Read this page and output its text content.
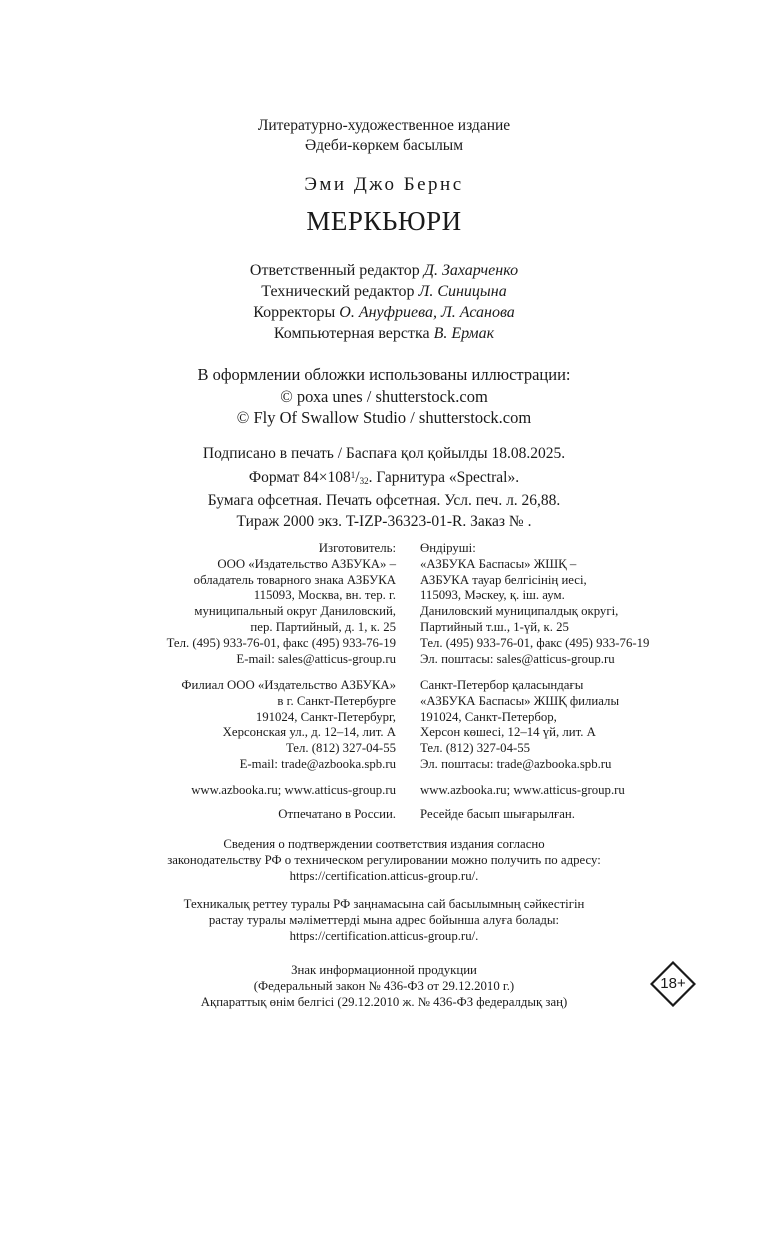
Литературно-художественное издание
Әдеби-көркем басылым
Эми Джо Бернс
МЕРКЬЮРИ
Ответственный редактор Д. Захарченко
Технический редактор Л. Синицына
Корректоры О. Ануфриева, Л. Асанова
Компьютерная верстка В. Ермак
В оформлении обложки использованы иллюстрации:
© роха unes / shutterstock.com
© Fly Of Swallow Studio / shutterstock.com
Подписано в печать / Баспаға қол қойылды 18.08.2025.
Формат $84\times 108^1/_{32}$. Гарнитура «Spectral».
Бумага офсетная. Печать офсетная. Усл. печ. л. 26,88.
Тираж 2000 экз. T-IZP-36323-01-R. Заказ № .
Изготовитель:
ООО «Издательство АЗБУКА» –
обладатель товарного знака АЗБУКА
115093, Москва, вн. тер. г.
муниципальный округ Даниловский,
пер. Партийный, д. 1, к. 25
Тел. (495) 933-76-01, факс (495) 933-76-19
E-mail: sales@atticus-group.ru
Өндіруші:
«АЗБУКА Баспасы» ЖШҚ –
АЗБУКА тауар белгісінің иесі,
115093, Мәскеу, қ. іш. аум.
Даниловский муниципалдық округі,
Партийный т.ш., 1-үй, к. 25
Тел. (495) 933-76-01, факс (495) 933-76-19
Эл. поштасы: sales@atticus-group.ru
Филиал ООО «Издательство АЗБУКА»
в г. Санкт-Петербурге
191024, Санкт-Петербург,
Херсонская ул., д. 12–14, лит. А
Тел. (812) 327-04-55
E-mail: trade@azbooka.spb.ru
Санкт-Петербор қаласындағы
«АЗБУКА Баспасы» ЖШҚ филиалы
191024, Санкт-Петербор,
Херсон көшесі, 12–14 үй, лит. А
Тел. (812) 327-04-55
Эл. поштасы: trade@azbooka.spb.ru
www.azbooka.ru; www.atticus-group.ru www.azbooka.ru; www.atticus-group.ru
Отпечатано в России. Ресейде басып шығарылған.
Сведения о подтверждении соответствия издания согласно
законодательству РФ о техническом регулировании можно получить по адресу:
https://certification.atticus-group.ru/.
Техникалық реттеу туралы РФ заңнамасына сай басылымның сәйкестігін
растау туралы мәліметтерді мына адрес бойынша алуға болады:
https://certification.atticus-group.ru/.
Знак информационной продукции
(Федеральный закон № 436-ФЗ от 29.12.2010 г.)
Ақпараттық өнім белгісі (29.12.2010 ж. № 436-ФЗ федералдық заң)
18+
